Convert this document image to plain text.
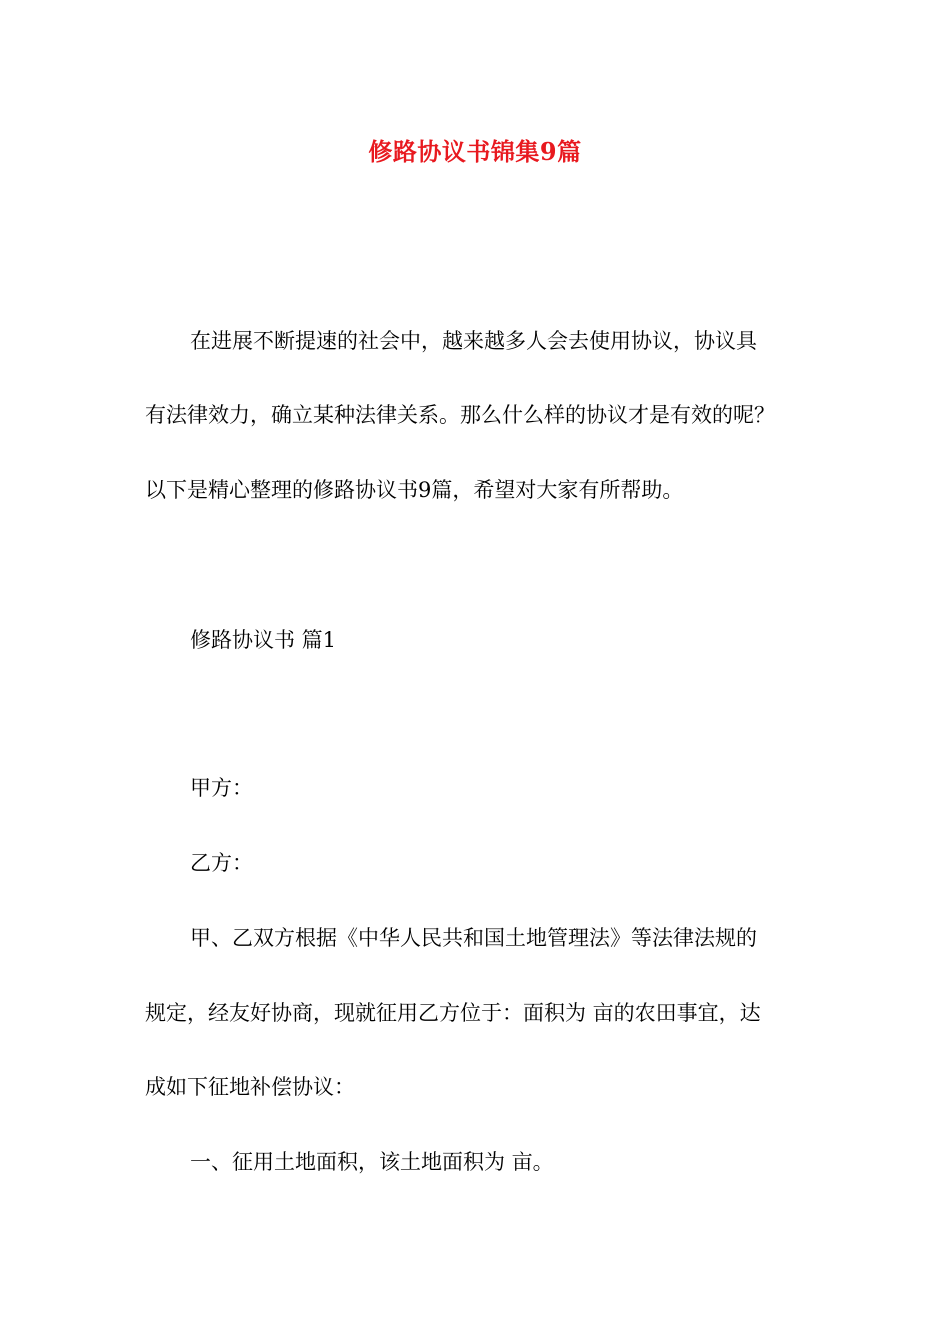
修路协议书锦集9篇
在进展不断提速的社会中，越来越多人会去使用协议，协议具
有法律效力，确立某种法律关系。那么什么样的协议才是有效的呢？
以下是精心整理的修路协议书9篇，希望对大家有所帮助。
修路协议书 篇1
甲方：
乙方：
甲、乙双方根据《中华人民共和国土地管理法》等法律法规的
规定，经友好协商，现就征用乙方位于：面积为 亩的农田事宜，达
成如下征地补偿协议：
一、征用土地面积，该土地面积为 亩。
